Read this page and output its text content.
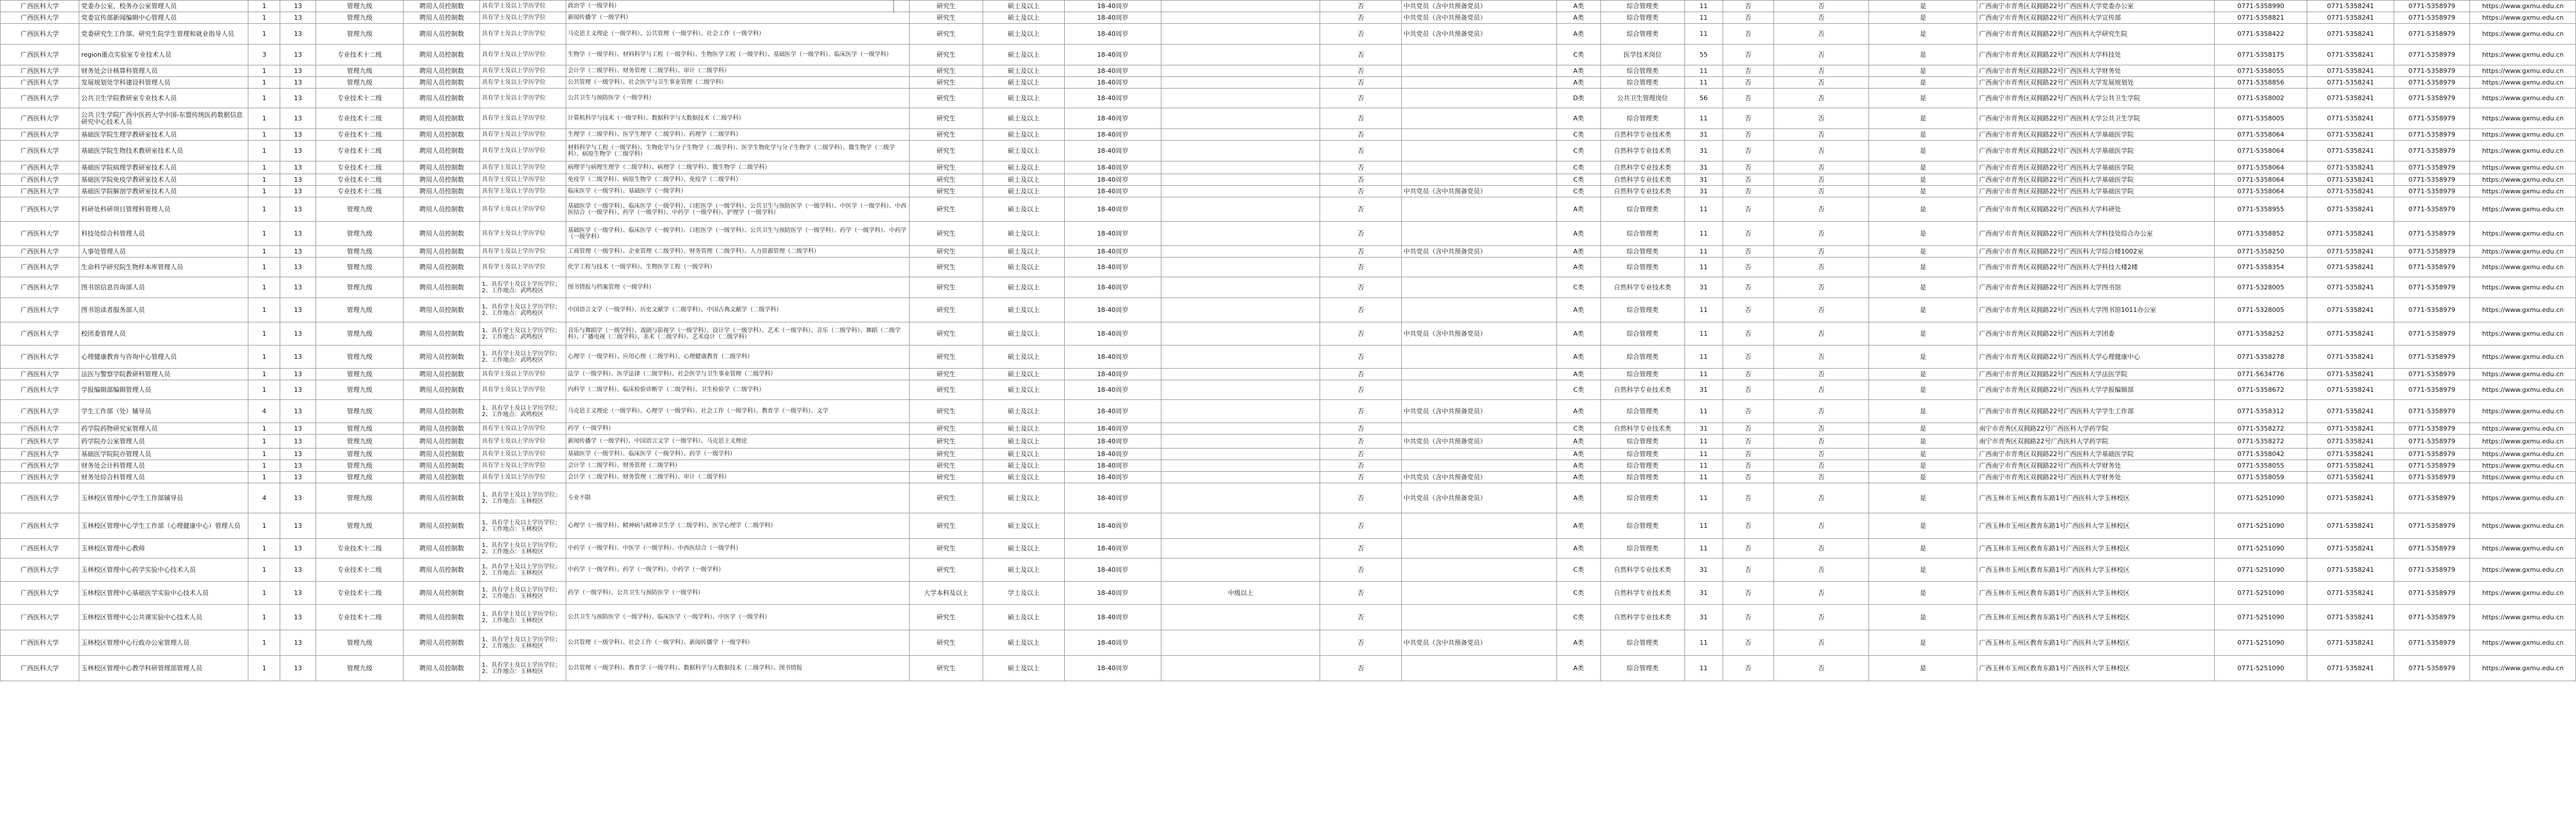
广西医科大学	党委办公室、校务办公室管理人员	1	13	管理九级	聘用人员控制数	具有学士及以上学历学位	政治学（一级学科）	研究生	硕士及以上	18-40周岁		否	中共党员（含中共预备党员）	A类	综合管理类	11	否	否	是	广西南宁市青秀区双拥路22号广西医科大学党委办公室	0771-5358990	0771-5358241	0771-5358979	https://www.gxmu.edu.cn
广西医科大学	党委宣传部新闻编辑中心管理人员	1	13	管理九级	聘用人员控制数	具有学士及以上学历学位	新闻传播学（一级学科）	研究生	硕士及以上	18-40周岁		否	中共党员（含中共预备党员）	A类	综合管理类	11	否	否	是	广西南宁市青秀区双拥路22号广西医科大学宣传部	0771-5358821	0771-5358241	0771-5358979	https://www.gxmu.edu.cn
广西医科大学	党委研究生工作部、研究生院学生管理和就业指导人员	1	13	管理九级	聘用人员控制数	具有学士及以上学历学位	马克思主义理论（一级学科）、公共管理（一级学科）、社会工作（一级学科）	研究生	硕士及以上	18-40周岁		否	中共党员（含中共预备党员）	A类	综合管理类	11	否	否	是	广西南宁市青秀区双拥路22号广西医科大学研究生院	0771-5358422	0771-5358241	0771-5358979	https://www.gxmu.edu.cn
广西医科大学	region重点实验室专业技术人员	3	13	专业技术十二级	聘用人员控制数	具有学士及以上学历学位	生物学（一级学科）、材料科学与工程（一级学科）、生物医学工程（一级学科）、基础医学（一级学科）、临床医学（一级学科）	研究生	硕士及以上	18-40周岁		否		C类	医学技术岗位	55	否	否	是	广西南宁市青秀区双拥路22号广西医科大学科技处	0771-5358175	0771-5358241	0771-5358979	https://www.gxmu.edu.cn
广西医科大学	财务处会计核算科管理人员	1	13	管理九级	聘用人员控制数	具有学士及以上学历学位	会计学（二级学科）、财务管理（二级学科）、审计（二级学科）	研究生	硕士及以上	18-40周岁		否		A类	综合管理类	11	否	否	是	广西南宁市青秀区双拥路22号广西医科大学财务处	0771-5358055	0771-5358241	0771-5358979	https://www.gxmu.edu.cn
广西医科大学	发展规划处学科建设科管理人员	1	13	管理九级	聘用人员控制数	具有学士及以上学历学位	公共管理（一级学科）、社会医学与卫生事业管理（二级学科）	研究生	硕士及以上	18-40周岁		否		A类	综合管理类	11	否	否	是	广西南宁市青秀区双拥路22号广西医科大学发展规划处	0771-5358856	0771-5358241	0771-5358979	https://www.gxmu.edu.cn
广西医科大学	公共卫生学院教研室专业技术人员	1	13	专业技术十二级	聘用人员控制数	具有学士及以上学历学位	公共卫生与预防医学（一级学科）	研究生	硕士及以上	18-40周岁		否		D类	公共卫生管理岗位	56	否	否	是	广西南宁市青秀区双拥路22号广西医科大学公共卫生学院	0771-5358002	0771-5358241	0771-5358979	https://www.gxmu.edu.cn
广西医科大学	公共卫生学院广西中医药大学中国-东盟传统医药数据信息研究中心技术人员	1	13	专业技术十二级	聘用人员控制数	具有学士及以上学历学位	计算机科学与技术（一级学科）、数据科学与大数据技术（二级学科）	研究生	硕士及以上	18-40周岁		否		A类	综合管理类	11	否	否	是	广西南宁市青秀区双拥路22号广西医科大学公共卫生学院	0771-5358005	0771-5358241	0771-5358979	https://www.gxmu.edu.cn
广西医科大学	基础医学院生理学教研室技术人员	1	13	专业技术十二级	聘用人员控制数	具有学士及以上学历学位	生理学（二级学科）、医学生理学（二级学科）、药理学（二级学科）	研究生	硕士及以上	18-40周岁		否		C类	自然科学专业技术类	31	否	否	是	广西南宁市青秀区双拥路22号广西医科大学基础医学院	0771-5358064	0771-5358241	0771-5358979	https://www.gxmu.edu.cn
广西医科大学	基础医学院生物技术教研室技术人员	1	13	专业技术十二级	聘用人员控制数	具有学士及以上学历学位	材料科学与工程（一级学科）、生物化学与分子生物学（二级学科）、医学生物化学与分子生物学（二级学科）、微生物学（二级学科）、病原生物学（二级学科）	研究生	硕士及以上	18-40周岁		否		C类	自然科学专业技术类	31	否	否	是	广西南宁市青秀区双拥路22号广西医科大学基础医学院	0771-5358064	0771-5358241	0771-5358979	https://www.gxmu.edu.cn
广西医科大学	基础医学院病理学教研室技术人员	1	13	专业技术十二级	聘用人员控制数	具有学士及以上学历学位	病理学与病理生理学（二级学科）、病理学（二级学科）、微生物学（二级学科）	研究生	硕士及以上	18-40周岁		否		C类	自然科学专业技术类	31	否	否	是	广西南宁市青秀区双拥路22号广西医科大学基础医学院	0771-5358064	0771-5358241	0771-5358979	https://www.gxmu.edu.cn
广西医科大学	基础医学院免疫学教研室技术人员	1	13	专业技术十二级	聘用人员控制数	具有学士及以上学历学位	免疫学（二级学科）、病原生物学（二级学科）、免疫学（二级学科）	研究生	硕士及以上	18-40周岁		否		C类	自然科学专业技术类	31	否	否	是	广西南宁市青秀区双拥路22号广西医科大学基础医学院	0771-5358064	0771-5358241	0771-5358979	https://www.gxmu.edu.cn
广西医科大学	基础医学院解剖学教研室技术人员	1	13	专业技术十二级	聘用人员控制数	具有学士及以上学历学位	临床医学（一级学科）、基础医学（一级学科）	研究生	硕士及以上	18-40周岁		否	中共党员（含中共预备党员）	C类	自然科学专业技术类	31	否	否	是	广西南宁市青秀区双拥路22号广西医科大学基础医学院	0771-5358064	0771-5358241	0771-5358979	https://www.gxmu.edu.cn
广西医科大学	科研处科研项目管理科管理人员	1	13	管理九级	聘用人员控制数	具有学士及以上学历学位	基础医学（一级学科）、临床医学（一级学科）、口腔医学（一级学科）、公共卫生与预防医学（一级学科）、中医学（一级学科）、中西医结合（一级学科）、药学（一级学科）、中药学（一级学科）、护理学（一级学科）	研究生	硕士及以上	18-40周岁		否		A类	综合管理类	11	否	否	是	广西南宁市青秀区双拥路22号广西医科大学科研处	0771-5358955	0771-5358241	0771-5358979	https://www.gxmu.edu.cn
广西医科大学	科技处综合科管理人员	1	13	管理九级	聘用人员控制数	具有学士及以上学历学位	基础医学（一级学科）、临床医学（一级学科）、口腔医学（一级学科）、公共卫生与预防医学（一级学科）、药学（一级学科）、中药学（一级学科）	研究生	硕士及以上	18-40周岁		否		A类	综合管理类	11	否	否	是	广西南宁市青秀区双拥路22号广西医科大学科技处综合办公室	0771-5358852	0771-5358241	0771-5358979	https://www.gxmu.edu.cn
广西医科大学	人事处管理人员	1	13	管理九级	聘用人员控制数	具有学士及以上学历学位	工商管理（一级学科）、企业管理（二级学科）、财务管理（二级学科）、人力资源管理（二级学科）	研究生	硕士及以上	18-40周岁		否	中共党员（含中共预备党员）	A类	综合管理类	11	否	否	是	广西南宁市青秀区双拥路22号广西医科大学综合楼1002室	0771-5358250	0771-5358241	0771-5358979	https://www.gxmu.edu.cn
广西医科大学	生命科学研究院生物样本库管理人员	1	13	管理九级	聘用人员控制数	具有学士及以上学历学位	化学工程与技术（一级学科）、生物医学工程（一级学科）	研究生	硕士及以上	18-40周岁		否		A类	综合管理类	11	否	否	是	广西南宁市青秀区双拥路22号广西医科大学科技大楼2楼	0771-5358354	0771-5358241	0771-5358979	https://www.gxmu.edu.cn
广西医科大学	图书馆信息咨询部人员	1	13	管理九级	聘用人员控制数	1、具有学士及以上学历学位；2、工作地点：武鸣校区	图书情报与档案管理（一级学科）	研究生	硕士及以上	18-40周岁		否		C类	自然科学专业技术类	31	否	否	是	广西南宁市青秀区双拥路22号广西医科大学图书馆	0771-5328005	0771-5358241	0771-5358979	https://www.gxmu.edu.cn
广西医科大学	图书馆读者服务部人员	1	13	管理九级	聘用人员控制数	1、具有学士及以上学历学位；2、工作地点：武鸣校区	中国语言文学（一级学科）、历史文献学（二级学科）、中国古典文献学（二级学科）	研究生	硕士及以上	18-40周岁		否		A类	综合管理类	11	否	否	是	广西南宁市青秀区双拥路22号广西医科大学图书馆1011办公室	0771-5328005	0771-5358241	0771-5358979	https://www.gxmu.edu.cn
广西医科大学	校团委管理人员	1	13	管理九级	聘用人员控制数	1、具有学士及以上学历学位；2、工作地点：武鸣校区	音乐与舞蹈学（一级学科）、戏剧与影视学（一级学科）、设计学（一级学科）、艺术（一级学科）、音乐（二级学科）、舞蹈（二级学科）、广播电视（二级学科）、美术（二级学科）、艺术设计（二级学科）	研究生	硕士及以上	18-40周岁		否	中共党员（含中共预备党员）	A类	综合管理类	11	否	否	是	广西南宁市青秀区双拥路22号广西医科大学团委	0771-5358252	0771-5358241	0771-5358979	https://www.gxmu.edu.cn
广西医科大学	心理健康教育与咨询中心管理人员	1	13	管理九级	聘用人员控制数	1、具有学士及以上学历学位；2、工作地点：武鸣校区	心理学（一级学科）、应用心理（二级学科）、心理健康教育（二级学科）	研究生	硕士及以上	18-40周岁		否		A类	综合管理类	11	否	否	是	广西南宁市青秀区双拥路22号广西医科大学心理健康中心	0771-5358278	0771-5358241	0771-5358979	https://www.gxmu.edu.cn
广西医科大学	法医与警察学院教研科管理人员	1	13	管理九级	聘用人员控制数	具有学士及以上学历学位	法学（一级学科）、医学法律（二级学科）、社会医学与卫生事业管理（二级学科）	研究生	硕士及以上	18-40周岁		否		A类	综合管理类	11	否	否	是	广西南宁市青秀区双拥路22号广西医科大学法医学院	0771-5634776	0771-5358241	0771-5358979	https://www.gxmu.edu.cn
广西医科大学	学报编辑部编辑管理人员	1	13	管理九级	聘用人员控制数	具有学士及以上学历学位	内科学（二级学科）、临床检验诊断学（二级学科）、卫生检验学（二级学科）	研究生	硕士及以上	18-40周岁		否		C类	自然科学专业技术类	31	否	否	是	广西南宁市青秀区双拥路22号广西医科大学学报编辑部	0771-5358672	0771-5358241	0771-5358979	https://www.gxmu.edu.cn
广西医科大学	学生工作部（处）辅导员	4	13	管理九级	聘用人员控制数	1、具有学士及以上学历学位；2、工作地点：武鸣校区	马克思主义理论（一级学科）、心理学（一级学科）、社会工作（一级学科）、教育学（一级学科）、文学	研究生	硕士及以上	18-40周岁		否	中共党员（含中共预备党员）	A类	综合管理类	11	否	否	是	广西南宁市青秀区双拥路22号广西医科大学学生工作部	0771-5358312	0771-5358241	0771-5358979	https://www.gxmu.edu.cn
广西医科大学	药学院药物研究室管理人员	1	13	管理九级	聘用人员控制数	具有学士及以上学历学位	药学（一级学科）	研究生	硕士及以上	18-40周岁		否		C类	自然科学专业技术类	31	否	否	是	南宁市青秀区双拥路22号广西医科大学药学院	0771-5358272	0771-5358241	0771-5358979	https://www.gxmu.edu.cn
广西医科大学	药学院办公室管理人员	1	13	管理九级	聘用人员控制数	具有学士及以上学历学位	新闻传播学（一级学科）、中国语言文学（一级学科）、马克思主义理论	研究生	硕士及以上	18-40周岁		否	中共党员（含中共预备党员）	A类	综合管理类	11	否	否	是	南宁市青秀区双拥路22号广西医科大学药学院	0771-5358272	0771-5358241	0771-5358979	https://www.gxmu.edu.cn
广西医科大学	基础医学院院办管理人员	1	13	管理九级	聘用人员控制数	具有学士及以上学历学位	基础医学（一级学科）、临床医学（一级学科）、药学（一级学科）	研究生	硕士及以上	18-40周岁		否		A类	综合管理类	11	否	否	是	广西南宁市青秀区双拥路22号广西医科大学基础医学院	0771-5358042	0771-5358241	0771-5358979	https://www.gxmu.edu.cn
广西医科大学	财务处会计科管理人员	1	13	管理九级	聘用人员控制数	具有学士及以上学历学位	会计学（二级学科）、财务管理（二级学科）	研究生	硕士及以上	18-40周岁		否		A类	综合管理类	11	否	否	是	广西南宁市青秀区双拥路22号广西医科大学财务处	0771-5358055	0771-5358241	0771-5358979	https://www.gxmu.edu.cn
广西医科大学	财务处综合科管理人员	1	13	管理九级	聘用人员控制数	具有学士及以上学历学位	会计学（二级学科）、财务管理（二级学科）、审计（二级学科）	研究生	硕士及以上	18-40周岁		否	中共党员（含中共预备党员）	A类	综合管理类	11	否	否	是	广西南宁市青秀区双拥路22号广西医科大学财务处	0771-5358059	0771-5358241	0771-5358979	https://www.gxmu.edu.cn
广西医科大学	玉林校区管理中心学生工作部辅导员	4	13	管理九级	聘用人员控制数	1、具有学士及以上学历学位；2、工作地点：玉林校区	专业不限	研究生	硕士及以上	18-40周岁		否	中共党员（含中共预备党员）	A类	综合管理类	11	否	否	是	广西玉林市玉州区教育东路1号广西医科大学玉林校区	0771-5251090	0771-5358241	0771-5358979	https://www.gxmu.edu.cn
广西医科大学	玉林校区管理中心学生工作部（心理健康中心）管理人员	1	13	管理九级	聘用人员控制数	1、具有学士及以上学历学位；2、工作地点：玉林校区	心理学（一级学科）、精神病与精神卫生学（二级学科）、医学心理学（二级学科）	研究生	硕士及以上	18-40周岁		否		A类	综合管理类	11	否	否	是	广西玉林市玉州区教育东路1号广西医科大学玉林校区	0771-5251090	0771-5358241	0771-5358979	https://www.gxmu.edu.cn
广西医科大学	玉林校区管理中心教师	1	13	专业技术十二级	聘用人员控制数	1、具有学士及以上学历学位；2、工作地点：玉林校区	中药学（一级学科）、中医学（一级学科）、中西医结合（一级学科）	研究生	硕士及以上	18-40周岁		否		A类	综合管理类	11	否	否	是	广西玉林市玉州区教育东路1号广西医科大学玉林校区	0771-5251090	0771-5358241	0771-5358979	https://www.gxmu.edu.cn
广西医科大学	玉林校区管理中心药学实验中心技术人员	1	13	专业技术十二级	聘用人员控制数	1、具有学士及以上学历学位；2、工作地点：玉林校区	中药学（一级学科）、药学（一级学科）、中药学（一级学科）	研究生	硕士及以上	18-40周岁		否		C类	自然科学专业技术类	31	否	否	是	广西玉林市玉州区教育东路1号广西医科大学玉林校区	0771-5251090	0771-5358241	0771-5358979	https://www.gxmu.edu.cn
广西医科大学	玉林校区管理中心基础医学实验中心技术人员	1	13	专业技术十二级	聘用人员控制数	1、具有学士及以上学历学位；2、工作地点：玉林校区	药学（一级学科）、公共卫生与预防医学（一级学科）	大学本科及以上	学士及以上	18-40周岁	中级以上	否		C类	自然科学专业技术类	31	否	否	是	广西玉林市玉州区教育东路1号广西医科大学玉林校区	0771-5251090	0771-5358241	0771-5358979	https://www.gxmu.edu.cn
广西医科大学	玉林校区管理中心公共课实验中心技术人员	1	13	专业技术十二级	聘用人员控制数	1、具有学士及以上学历学位；2、工作地点：玉林校区	公共卫生与预防医学（一级学科）、临床医学（一级学科）、中医学（一级学科）	研究生	硕士及以上	18-40周岁		否		C类	自然科学专业技术类	31	否	否	是	广西玉林市玉州区教育东路1号广西医科大学玉林校区	0771-5251090	0771-5358241	0771-5358979	https://www.gxmu.edu.cn
广西医科大学	玉林校区管理中心行政办公室管理人员	1	13	管理九级	聘用人员控制数	1、具有学士及以上学历学位；2、工作地点：玉林校区	公共管理（一级学科）、社会工作（一级学科）、新闻传播学（一级学科）	研究生	硕士及以上	18-40周岁		否	中共党员（含中共预备党员）	A类	综合管理类	11	否	否	是	广西玉林市玉州区教育东路1号广西医科大学玉林校区	0771-5251090	0771-5358241	0771-5358979	https://www.gxmu.edu.cn
广西医科大学	玉林校区管理中心教学科研管理部管理人员	1	13	管理九级	聘用人员控制数	1、具有学士及以上学历学位；2、工作地点：玉林校区	公共管理（一级学科）、教育学（一级学科）、数据科学与大数据技术（二级学科）、图书情报	研究生	硕士及以上	18-40周岁		否		A类	综合管理类	11	否	否	是	广西玉林市玉州区教育东路1号广西医科大学玉林校区	0771-5251090	0771-5358241	0771-5358979	https://www.gxmu.edu.cn
